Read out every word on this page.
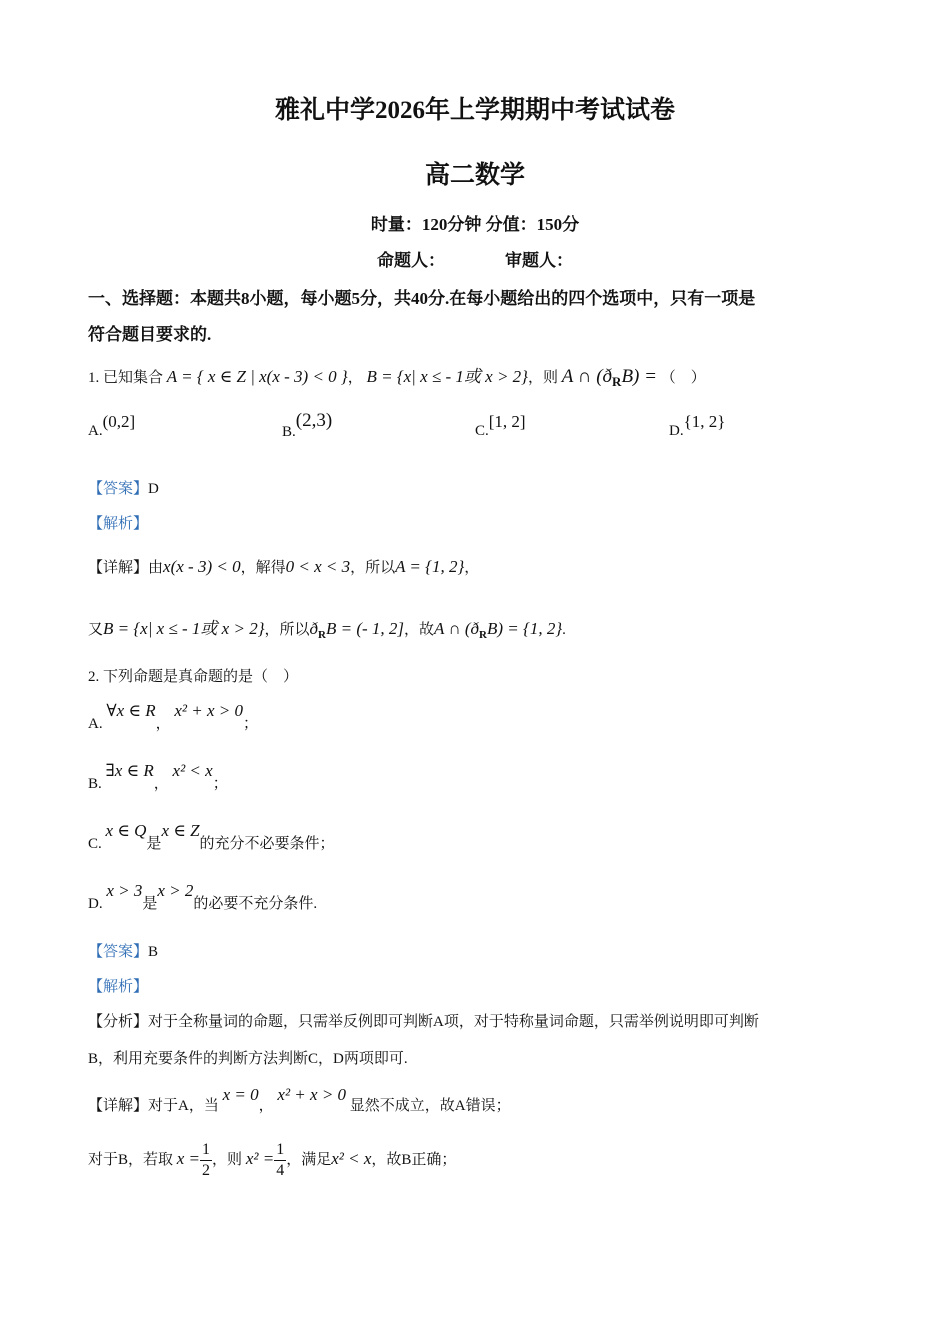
雅礼中学2026年上学期期中考试试卷
高二数学
时量：120分钟 分值：150分
命题人：	审题人：
一、选择题：本题共8小题，每小题5分，共40分.在每小题给出的四个选项中，只有一项是
符合题目要求的.
1. 已知集合 A = { x ∈ Z | x(x - 3) < 0 }， B = {x| x ≤ - 1或 x > 2}，则 A ∩ $(ð_RB)$ = （　）
A.(0,2]
B.(2,3)	C.[1, 2]	D.{1, 2}
【答案】D
【解析】
【详解】由x(x - 3) < 0，解得0 < x < 3，所以A = {1, 2}，
又B = {x| x ≤ - 1或 x > 2}，所以$ð_RB$ = (- 1, 2]，故A ∩ $(ð_RB) = \{1$, 2}.
2. 下列命题是真命题的是（　）
A. ∀x ∈ R， x² + x > 0；
B. ∃x ∈ R， x² < x；
C. x ∈ Q是x ∈ Z的充分不必要条件；
D. x > 3是x > 2的必要不充分条件.
【答案】B
【解析】
【分析】对于全称量词的命题，只需举反例即可判断A项，对于特称量词命题，只需举例说明即可判断
B，利用充要条件的判断方法判断C，D两项即可.
【详解】对于A，当 x = 0， x² + x > 0 显然不成立，故A错误；
对于B，若取 $x = \frac{1}{2}$ ，则 $x^2 = \frac{1}{4}$ ，满足x² < x，故B正确；
